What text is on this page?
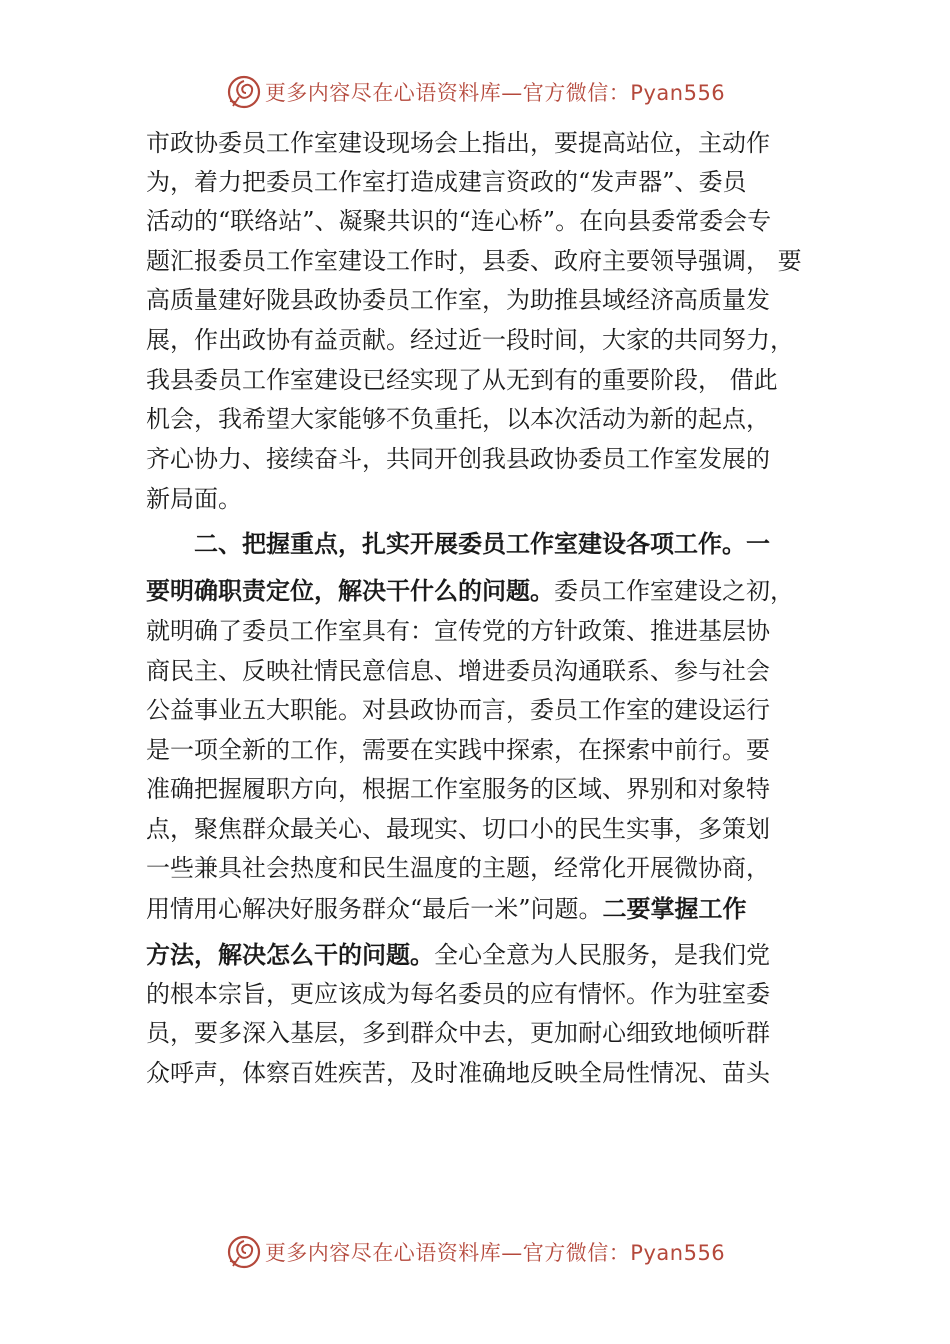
更多内容尽在心语资料库—官方微信：Pyan556
市政协委员工作室建设现场会上指出，要提高站位，主动作
为，着力把委员工作室打造成建言资政的“发声器”、委员
活动的“联络站”、凝聚共识的“连心桥”。在向县委常委会专
题汇报委员工作室建设工作时，县委、政府主要领导强调， 要
高质量建好陇县政协委员工作室，为助推县域经济高质量发
展，作出政协有益贡献。经过近一段时间，大家的共同努力，
我县委员工作室建设已经实现了从无到有的重要阶段， 借此
机会，我希望大家能够不负重托，以本次活动为新的起点，
齐心协力、接续奋斗，共同开创我县政协委员工作室发展的
新局面。
二、把握重点，扎实开展委员工作室建设各项工作。一
要明确职责定位，解决干什么的问题。委员工作室建设之初，
就明确了委员工作室具有：宣传党的方针政策、推进基层协
商民主、反映社情民意信息、增进委员沟通联系、参与社会
公益事业五大职能。对县政协而言，委员工作室的建设运行
是一项全新的工作，需要在实践中探索，在探索中前行。要
准确把握履职方向，根据工作室服务的区域、界别和对象特
点，聚焦群众最关心、最现实、切口小的民生实事，多策划
一些兼具社会热度和民生温度的主题，经常化开展微协商，
用情用心解决好服务群众“最后一米”问题。二要掌握工作
方法，解决怎么干的问题。全心全意为人民服务，是我们党
的根本宗旨，更应该成为每名委员的应有情怀。作为驻室委
员，要多深入基层，多到群众中去，更加耐心细致地倾听群
众呼声，体察百姓疾苦，及时准确地反映全局性情况、苗头
更多内容尽在心语资料库—官方微信：Pyan556
